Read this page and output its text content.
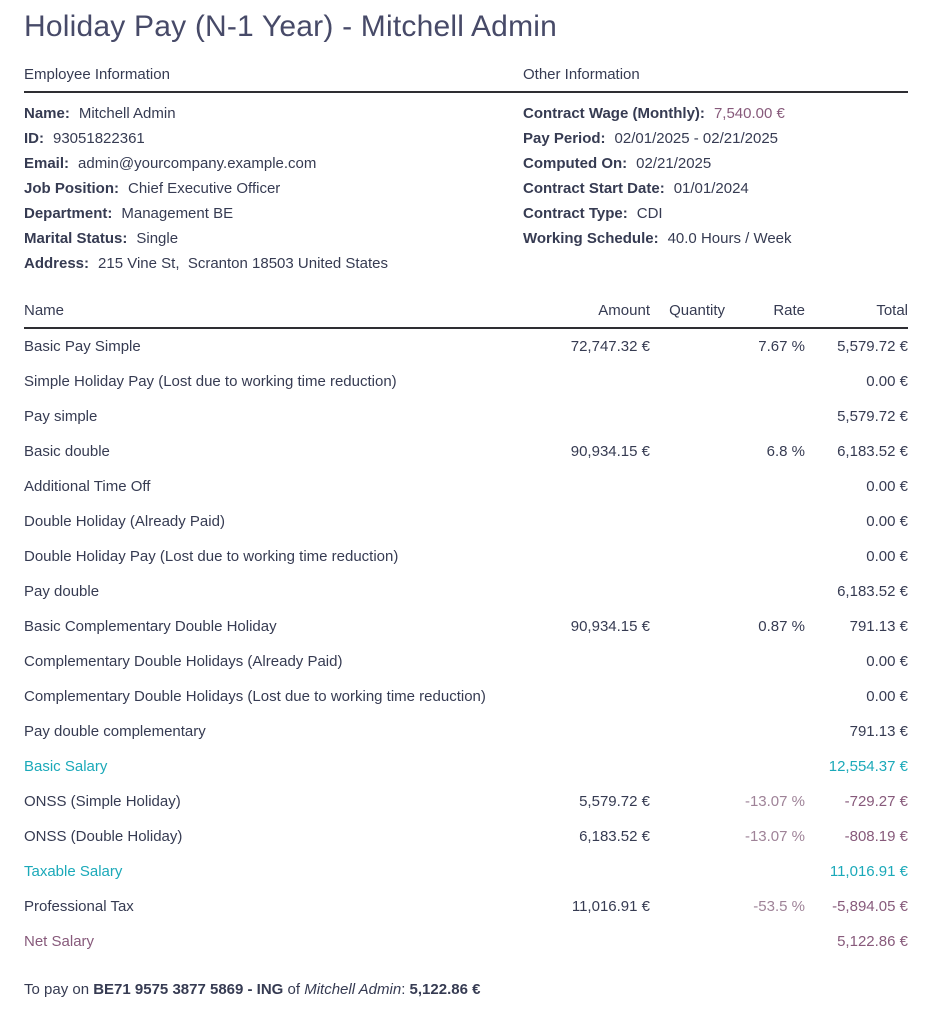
Holiday Pay (N-1 Year) - Mitchell Admin
Employee Information	Other Information
Name: Mitchell Admin
ID: 93051822361
Email: admin@yourcompany.example.com
Job Position: Chief Executive Officer
Department: Management BE
Marital Status: Single
Address: 215 Vine St,  Scranton 18503 United States
Contract Wage (Monthly): 7,540.00 €
Pay Period: 02/01/2025 - 02/21/2025
Computed On: 02/21/2025
Contract Start Date: 01/01/2024
Contract Type: CDI
Working Schedule: 40.0 Hours / Week
Name	Amount	Quantity	Rate	Total
Basic Pay Simple	72,747.32 €		7.67 %	5,579.72 €
Simple Holiday Pay (Lost due to working time reduction)				0.00 €
Pay simple				5,579.72 €
Basic double	90,934.15 €		6.8 %	6,183.52 €
Additional Time Off				0.00 €
Double Holiday (Already Paid)				0.00 €
Double Holiday Pay (Lost due to working time reduction)				0.00 €
Pay double				6,183.52 €
Basic Complementary Double Holiday	90,934.15 €		0.87 %	791.13 €
Complementary Double Holidays (Already Paid)				0.00 €
Complementary Double Holidays (Lost due to working time reduction)				0.00 €
Pay double complementary				791.13 €
Basic Salary				12,554.37 €
ONSS (Simple Holiday)	5,579.72 €		-13.07 %	-729.27 €
ONSS (Double Holiday)	6,183.52 €		-13.07 %	-808.19 €
Taxable Salary				11,016.91 €
Professional Tax	11,016.91 €		-53.5 %	-5,894.05 €
Net Salary				5,122.86 €

To pay on BE71 9575 3877 5869 - ING of Mitchell Admin: 5,122.86 €
